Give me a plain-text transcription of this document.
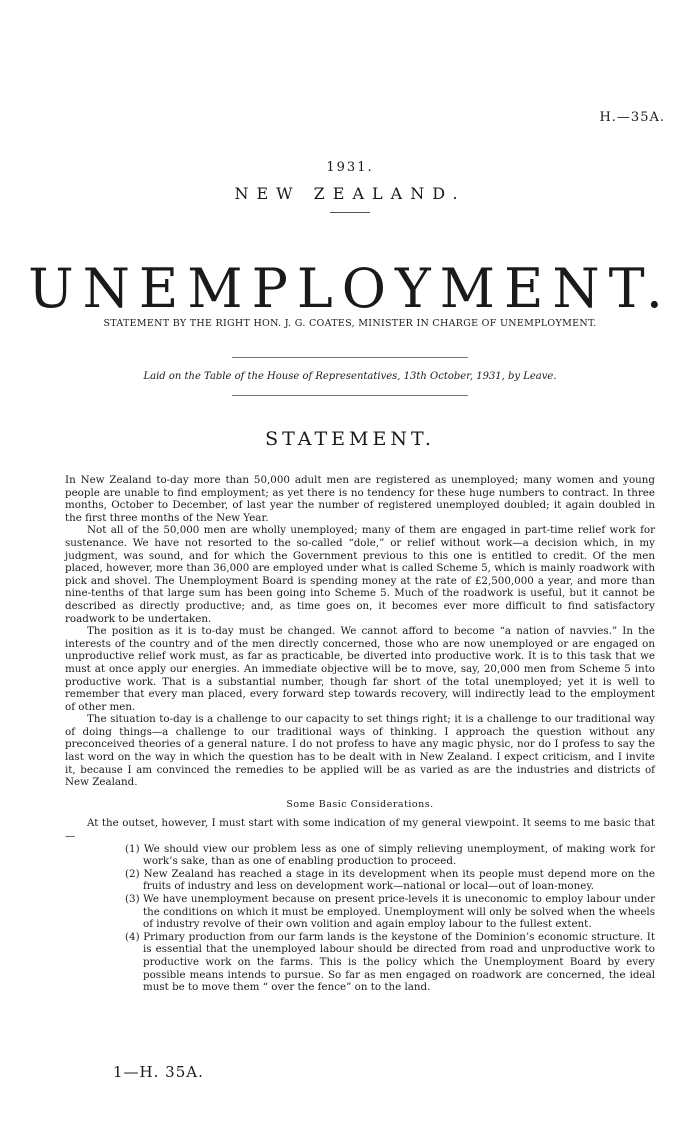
H.—35A.
1931.
NEW ZEALAND.
UNEMPLOYMENT.
STATEMENT BY THE RIGHT HON. J. G. COATES, MINISTER IN CHARGE OF UNEMPLOYMENT.
Laid on the Table of the House of Representatives, 13th October, 1931, by Leave.
STATEMENT.

In New Zealand to-day more than 50,000 adult men are registered as unemployed; many women and young people are unable to find employment; as yet there is no tendency for these huge numbers to contract. In three months, October to December, of last year the number of registered unemployed doubled; it again doubled in the first three months of the New Year.

Not all of the 50,000 men are wholly unemployed; many of them are engaged in part-time relief work for sustenance. We have not resorted to the so-called “dole,” or relief without work—a decision which, in my judgment, was sound, and for which the Government previous to this one is entitled to credit. Of the men placed, however, more than 36,000 are employed under what is called Scheme 5, which is mainly roadwork with pick and shovel. The Unemployment Board is spending money at the rate of £2,500,000 a year, and more than nine-tenths of that large sum has been going into Scheme 5. Much of the roadwork is useful, but it cannot be described as directly productive; and, as time goes on, it becomes ever more difficult to find satisfactory roadwork to be undertaken.

The position as it is to-day must be changed. We cannot afford to become “a nation of navvies.” In the interests of the country and of the men directly concerned, those who are now unemployed or are engaged on unproductive relief work must, as far as practicable, be diverted into productive work. It is to this task that we must at once apply our energies. An immediate objective will be to move, say, 20,000 men from Scheme 5 into productive work. That is a substantial number, though far short of the total unemployed; yet it is well to remember that every man placed, every forward step towards recovery, will indirectly lead to the employment of other men.

The situation to-day is a challenge to our capacity to set things right; it is a challenge to our traditional way of doing things—a challenge to our traditional ways of thinking. I approach the question without any preconceived theories of a general nature. I do not profess to have any magic physic, nor do I profess to say the last word on the way in which the question has to be dealt with in New Zealand. I expect criticism, and I invite it, because I am convinced the remedies to be applied will be as varied as are the industries and districts of New Zealand.

Some Basic Considerations.

At the outset, however, I must start with some indication of my general viewpoint. It seems to me basic that—

(1) We should view our problem less as one of simply relieving unemployment, of making work for work’s sake, than as one of enabling production to proceed.
(2) New Zealand has reached a stage in its development when its people must depend more on the fruits of industry and less on development work—national or local—out of loan-money.
(3) We have unemployment because on present price-levels it is uneconomic to employ labour under the conditions on which it must be employed. Unemployment will only be solved when the wheels of industry revolve of their own volition and again employ labour to the fullest extent.
(4) Primary production from our farm lands is the keystone of the Dominion’s economic structure. It is essential that the unemployed labour should be directed from road and unproductive work to productive work on the farms. This is the policy which the Unemployment Board by every possible means intends to pursue. So far as men engaged on roadwork are concerned, the ideal must be to move them “ over the fence” on to the land.
1—H. 35A.
